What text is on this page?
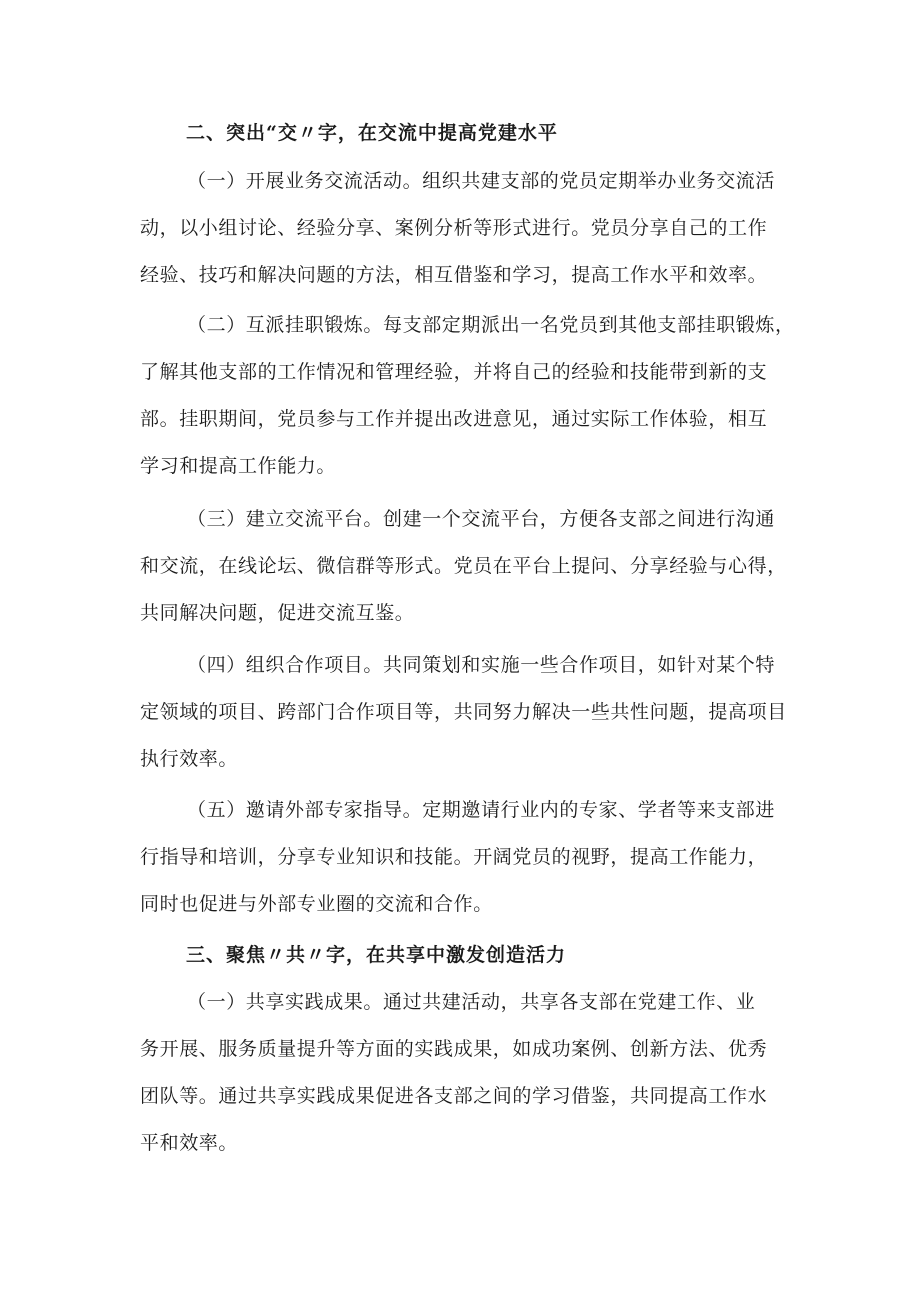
二、突出“交〃字，在交流中提高党建水平
（一）开展业务交流活动。组织共建支部的党员定期举办业务交流活
动，以小组讨论、经验分享、案例分析等形式进行。党员分享自己的工作
经验、技巧和解决问题的方法，相互借鉴和学习，提高工作水平和效率。
（二）互派挂职锻炼。每支部定期派出一名党员到其他支部挂职锻炼，
了解其他支部的工作情况和管理经验，并将自己的经验和技能带到新的支
部。挂职期间，党员参与工作并提出改进意见，通过实际工作体验，相互
学习和提高工作能力。
（三）建立交流平台。创建一个交流平台，方便各支部之间进行沟通
和交流，在线论坛、微信群等形式。党员在平台上提问、分享经验与心得，
共同解决问题，促进交流互鉴。
（四）组织合作项目。共同策划和实施一些合作项目，如针对某个特
定领域的项目、跨部门合作项目等，共同努力解决一些共性问题，提高项目
执行效率。
（五）邀请外部专家指导。定期邀请行业内的专家、学者等来支部进
行指导和培训，分享专业知识和技能。开阔党员的视野，提高工作能力，
同时也促进与外部专业圈的交流和合作。
三、聚焦〃共〃字，在共享中激发创造活力
（一）共享实践成果。通过共建活动，共享各支部在党建工作、业
务开展、服务质量提升等方面的实践成果，如成功案例、创新方法、优秀
团队等。通过共享实践成果促进各支部之间的学习借鉴，共同提高工作水
平和效率。
